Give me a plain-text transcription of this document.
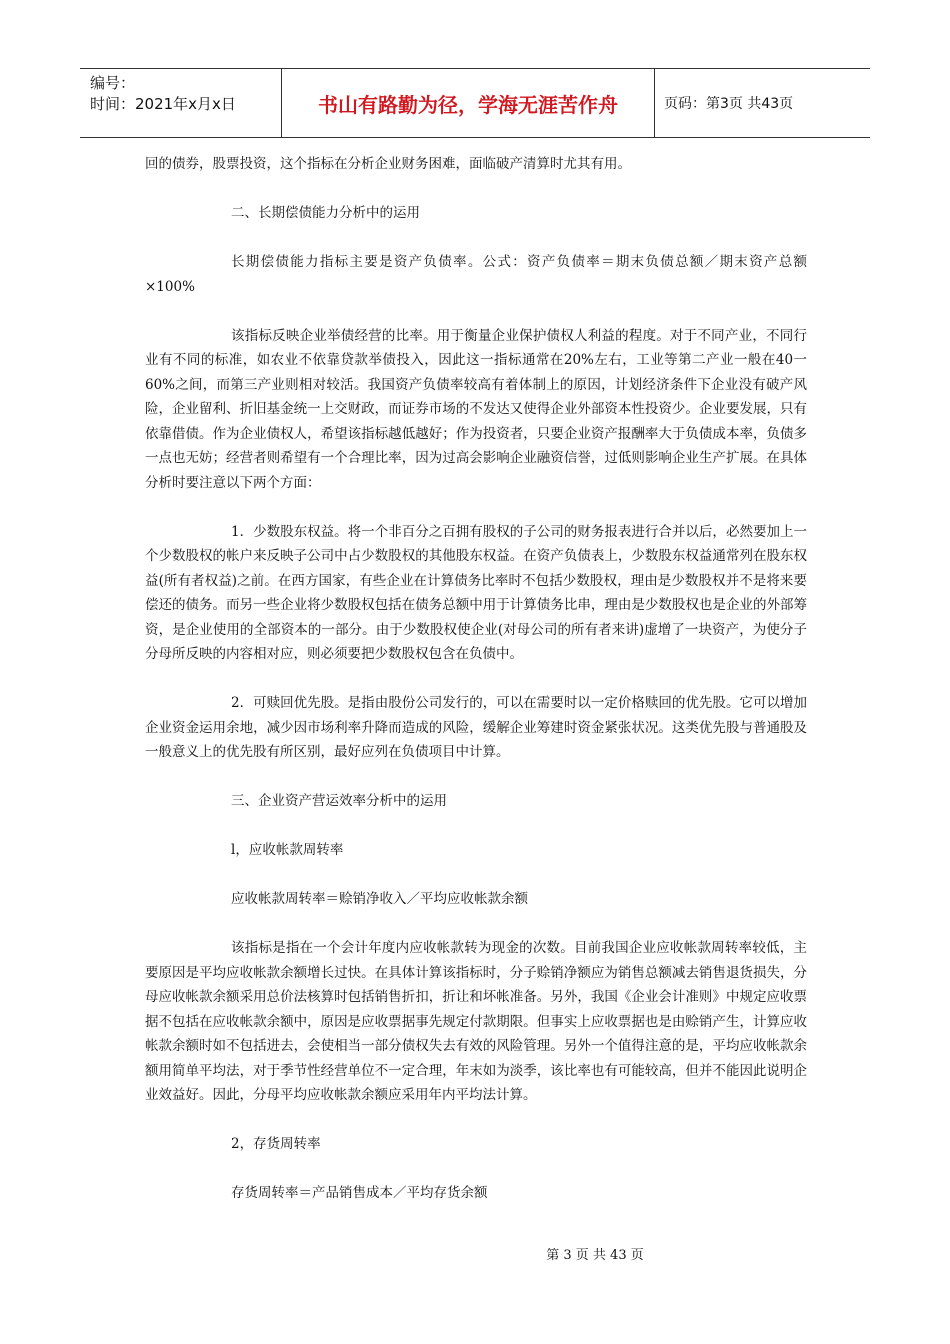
编号：
时间：2021年x月x日	书山有路勤为径，学海无涯苦作舟	页码：第3页 共43页

回的债券，股票投资，这个指标在分析企业财务困难，面临破产清算时尤其有用。

二、长期偿债能力分析中的运用

长期偿债能力指标主要是资产负债率。公式：资产负债率＝期末负债总额／期末资产总额×100%

该指标反映企业举债经营的比率。用于衡量企业保护债权人利益的程度。对于不同产业，不同行业有不同的标准，如农业不依靠贷款举债投入，因此这一指标通常在20%左右，工业等第二产业一般在40一60%之间，而第三产业则相对较活。我国资产负债率较高有着体制上的原因，计划经济条件下企业没有破产风险，企业留利、折旧基金统一上交财政，而证券市场的不发达又使得企业外部资本性投资少。企业要发展，只有依靠借债。作为企业债权人，希望该指标越低越好；作为投资者，只要企业资产报酬率大于负债成本率，负债多一点也无妨；经营者则希望有一个合理比率，因为过高会影响企业融资信誉，过低则影响企业生产扩展。在具体分析时要注意以下两个方面：

1．少数股东权益。将一个非百分之百拥有股权的子公司的财务报表进行合并以后，必然要加上一个少数股权的帐户来反映子公司中占少数股权的其他股东权益。在资产负债表上，少数股东权益通常列在股东权益(所有者权益)之前。在西方国家，有些企业在计算债务比率时不包括少数股权，理由是少数股权并不是将来要偿还的债务。而另一些企业将少数股权包括在债务总额中用于计算债务比串，理由是少数股权也是企业的外部筹资，是企业使用的全部资本的一部分。由于少数股权使企业(对母公司的所有者来讲)虚增了一块资产，为使分子分母所反映的内容相对应，则必须要把少数股权包含在负债中。

2．可赎回优先股。是指由股份公司发行的，可以在需要时以一定价格赎回的优先股。它可以增加企业资金运用余地，减少因市场利率升降而造成的风险，缓解企业筹建时资金紧张状况。这类优先股与普通股及一般意义上的优先股有所区别，最好应列在负债项目中计算。

三、企业资产营运效率分析中的运用

l，应收帐款周转率

应收帐款周转率＝赊销净收入／平均应收帐款余额

该指标是指在一个会计年度内应收帐款转为现金的次数。目前我国企业应收帐款周转率较低，主要原因是平均应收帐款余额增长过快。在具体计算该指标时，分子赊销净额应为销售总额减去销售退货损失，分母应收帐款余额采用总价法核算时包括销售折扣，折让和坏帐准备。另外，我国《企业会计准则》中规定应收票据不包括在应收帐款余额中，原因是应收票据事先规定付款期限。但事实上应收票据也是由赊销产生，计算应收帐款余额时如不包括进去，会使相当一部分债权失去有效的风险管理。另外一个值得注意的是，平均应收帐款余额用简单平均法，对于季节性经营单位不一定合理，年末如为淡季，该比率也有可能较高，但并不能因此说明企业效益好。因此，分母平均应收帐款余额应采用年内平均法计算。

2，存货周转率

存货周转率＝产品销售成本／平均存货余额

第 3 页 共 43 页
